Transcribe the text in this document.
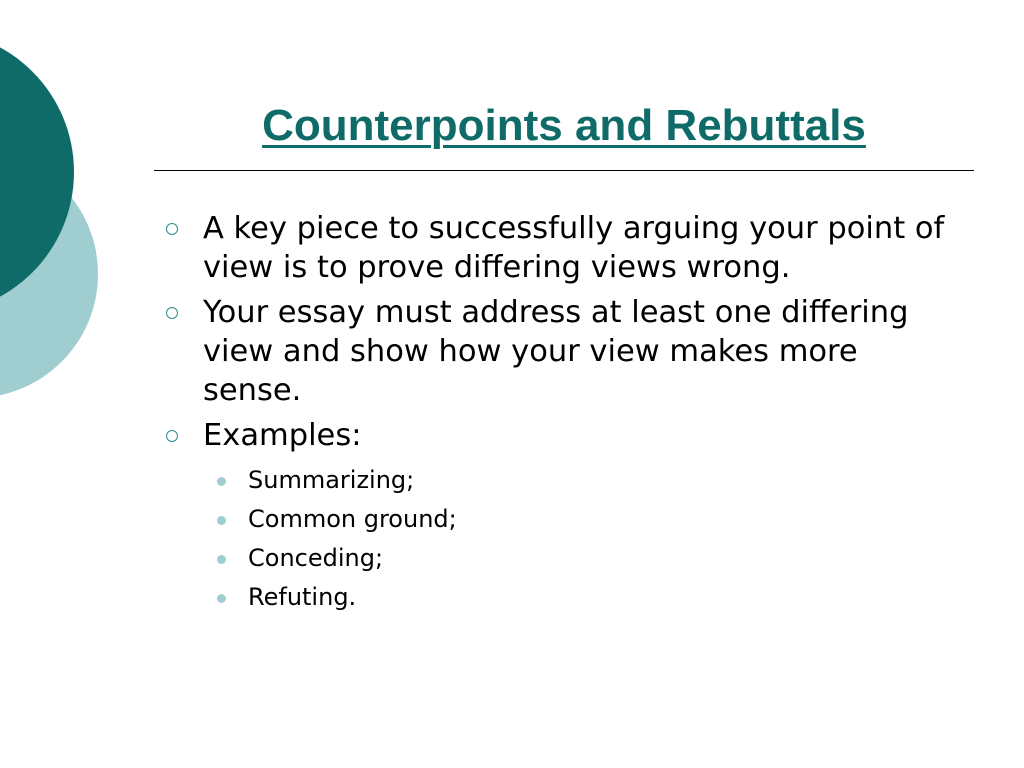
Counterpoints and Rebuttals
A key piece to successfully arguing your point of view is to prove differing views wrong.
Your essay must address at least one differing view and show how your view makes more sense.
Examples:
Summarizing;
Common ground;
Conceding;
Refuting.
